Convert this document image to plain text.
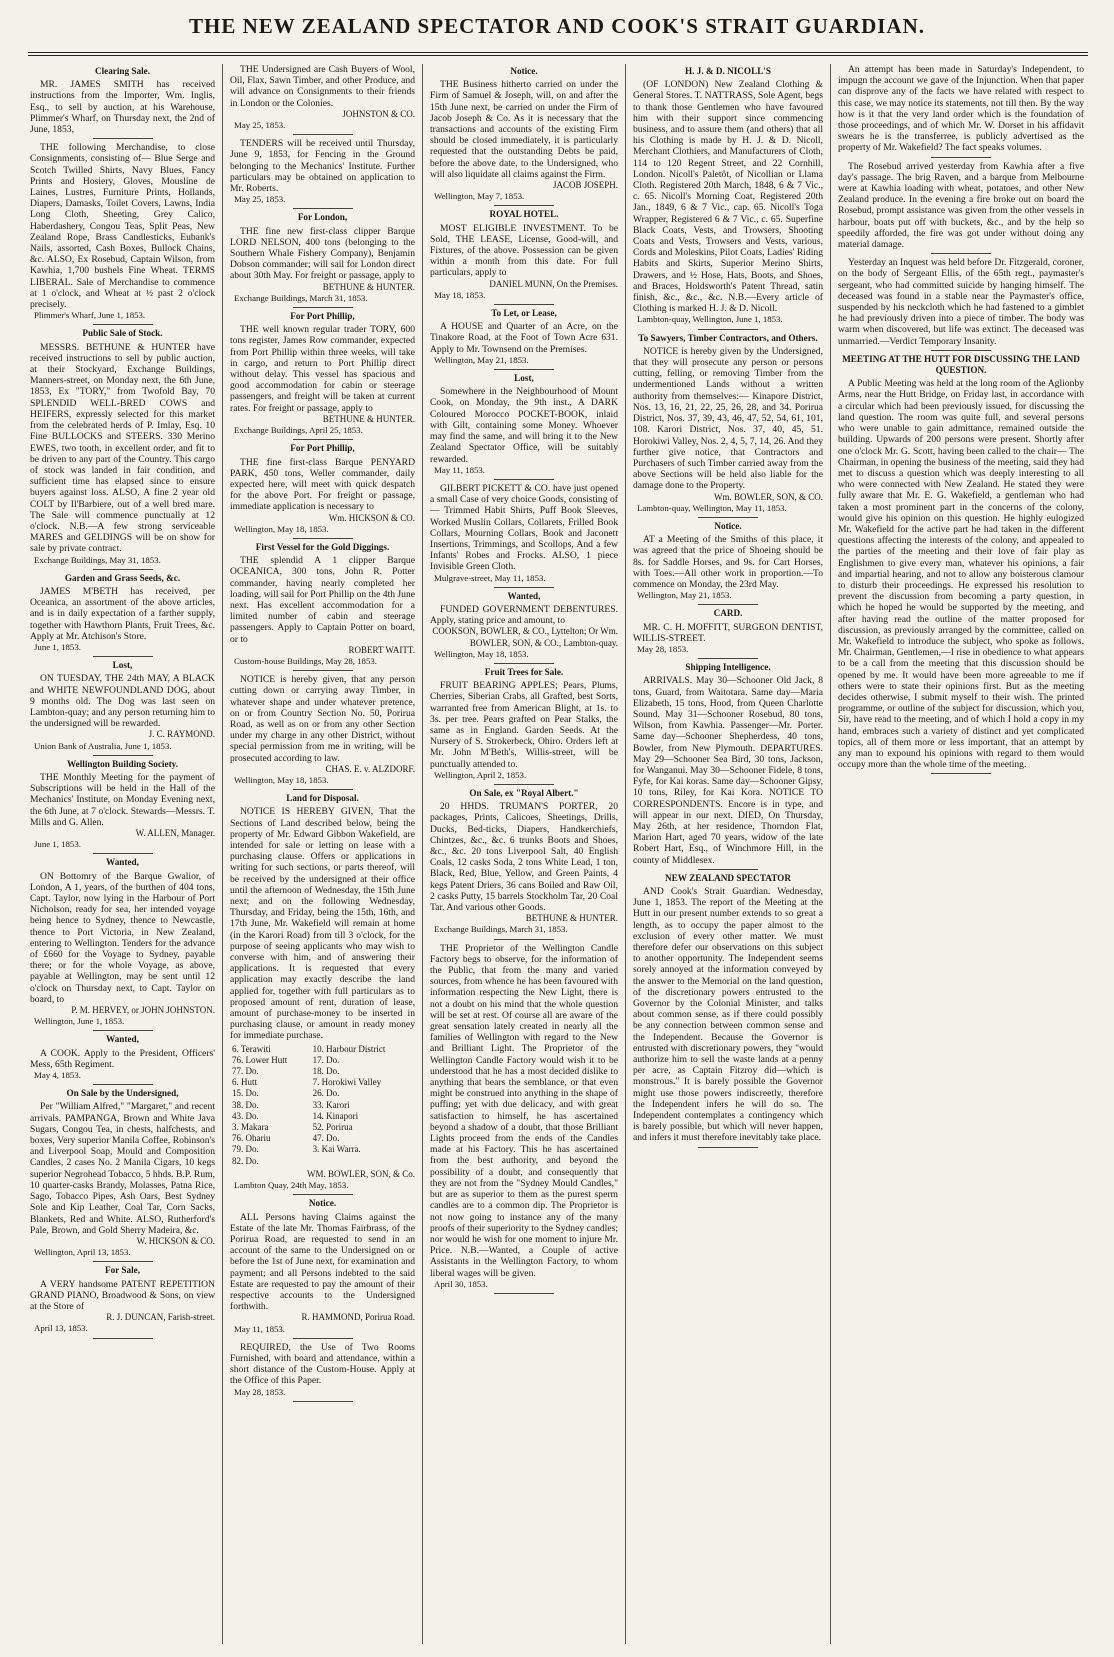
THE NEW ZEALAND SPECTATOR AND COOK'S STRAIT GUARDIAN.
Clearing Sale.

MR. JAMES SMITH has received instructions from the Importer, Wm. Inglis, Esq., to sell by auction, at his Warehouse, Plimmer's Wharf, on Thursday next, the 2nd of June, 1853,

THE following Merchandise, to close Consignments, consisting of— Blue Serge and Scotch Twilled Shirts, Navy Blues, Fancy Prints and Hosiery, Gloves, Mousline de Laines, Lustres, Furniture Prints, Hollands, Diapers, Damasks, Toilet Covers, Lawns, India Long Cloth, Sheeting, Grey Calico, Haberdashery, Congou Teas, Split Peas, New Zealand Rope, Brass Candlesticks, Eubank's Nails, assorted, Cash Boxes, Bullock Chains, &c. ALSO, Ex Rosebud, Captain Wilson, from Kawhia, 1,700 bushels Fine Wheat. TERMS LIBERAL. Sale of Merchandise to commence at 1 o'clock, and Wheat at ½ past 2 o'clock precisely.

Plimmer's Wharf, June 1, 1853.
Public Sale of Stock.

MESSRS. BETHUNE & HUNTER have received instructions to sell by public auction, at their Stockyard, Exchange Buildings, Manners-street, on Monday next, the 6th June, 1853, Ex "TORY," from Twofold Bay, 70 SPLENDID WELL-BRED COWS and HEIFERS, expressly selected for this market from the celebrated herds of P. Imlay, Esq. 10 Fine BULLOCKS and STEERS. 330 Merino EWES, two tooth, in excellent order, and fit to be driven to any part of the Country. This cargo of stock was landed in fair condition, and sufficient time has elapsed since to ensure buyers against loss. ALSO, A fine 2 year old COLT by Il'Barbiere, out of a well bred mare. The Sale will commence punctually at 12 o'clock. N.B.—A few strong serviceable MARES and GELDINGS will be on show for sale by private contract.

Exchange Buildings, May 31, 1853.
Garden and Grass Seeds, &c.

JAMES M'BETH has received, per Oceanica, an assortment of the above articles, and is in daily expectation of a farther supply, together with Hawthorn Plants, Fruit Trees, &c. Apply at Mr. Atchison's Store.

June 1, 1853.
Lost,

ON TUESDAY, THE 24th MAY, A BLACK and WHITE NEWFOUNDLAND DOG, about 9 months old. The Dog was last seen on Lambton-quay; and any person returning him to the undersigned will be rewarded.

J. C. RAYMOND.
Union Bank of Australia, June 1, 1853.
Wellington Building Society.

THE Monthly Meeting for the payment of Subscriptions will be held in the Hall of the Mechanics' Institute, on Monday Evening next, the 6th June, at 7 o'clock. Stewards—Messrs. T. Mills and G. Allen.

W. ALLEN, Manager.
June 1, 1853.
Wanted,

ON Bottomry of the Barque Gwalior, of London, A 1, years, of the burthen of 404 tons, Capt. Taylor, now lying in the Harbour of Port Nicholson, ready for sea, her intended voyage being hence to Sydney, thence to Newcastle, thence to Port Victoria, in New Zealand, entering to Wellington. Tenders for the advance of £660 for the Voyage to Sydney, payable there; or for the whole Voyage, as above, payable at Wellington, may be sent until 12 o'clock on Thursday next, to Capt. Taylor on board, to

P. M. HERVEY, or JOHN JOHNSTON.
Wellington, June 1, 1853.
Wanted,

A COOK. Apply to the President, Officers' Mess, 65th Regiment.

May 4, 1853.
On Sale by the Undersigned,

Per "William Alfred," "Margaret," and recent arrivals. PAMPANGA, Brown and White Java Sugars, Congou Tea, in chests, halfchests, and boxes, Very superior Manila Coffee, Robinson's and Liverpool Soap, Mould and Composition Candles, 2 cases No. 2 Manila Cigars, 10 kegs superior Negrohead Tobacco, 5 hhds. B.P. Rum, 10 quarter-casks Brandy, Molasses, Patna Rice, Sago, Tobacco Pipes, Ash Oars, Best Sydney Sole and Kip Leather, Coal Tar, Corn Sacks, Blankets, Red and White. ALSO, Rutherford's Pale, Brown, and Gold Sherry Madeira, &c.

W. HICKSON & CO.
Wellington, April 13, 1853.
For Sale,

A VERY handsome PATENT REPETITION GRAND PIANO, Broadwood & Sons, on view at the Store of

R. J. DUNCAN, Farish-street.
April 13, 1853.

THE Undersigned are Cash Buyers of Wool, Oil, Flax, Sawn Timber, and other Produce, and will advance on Consignments to their friends in London or the Colonies.

JOHNSTON & CO.
May 25, 1853.

TENDERS will be received until Thursday, June 9, 1853, for Fencing in the Ground belonging to the Mechanics' Institute. Further particulars may be obtained on application to Mr. Roberts.

May 25, 1853.
For London,

THE fine new first-class clipper Barque LORD NELSON, 400 tons (belonging to the Southern Whale Fishery Company), Benjamin Dobson commander; will sail for London direct about 30th May. For freight or passage, apply to

BETHUNE & HUNTER.
Exchange Buildings, March 31, 1853.
For Port Phillip,

THE well known regular trader TORY, 600 tons register, James Row commander, expected from Port Phillip within three weeks, will take in cargo, and return to Port Phillip direct without delay. This vessel has spacious and good accommodation for cabin or steerage passengers, and freight will be taken at current rates. For freight or passage, apply to

BETHUNE & HUNTER.
Exchange Buildings, April 25, 1853.
For Port Phillip,

THE fine first-class Barque PENYARD PARK, 450 tons, Weller commander, daily expected here, will meet with quick despatch for the above Port. For freight or passage, immediate application is necessary to

Wm. HICKSON & CO.
Wellington, May 18, 1853.
First Vessel for the Gold Diggings.

THE splendid A 1 clipper Barque OCEANICA, 300 tons, John R. Potter commander, having nearly completed her loading, will sail for Port Phillip on the 4th June next. Has excellent accommodation for a limited number of cabin and steerage passengers. Apply to Captain Potter on board, or to

ROBERT WAITT.
Custom-house Buildings, May 28, 1853.

NOTICE is hereby given, that any person cutting down or carrying away Timber, in whatever shape and under whatever pretence, on or from Country Section No. 50, Porirua Road, as well as on or from any other Section under my charge in any other District, without special permission from me in writing, will be prosecuted according to law.

CHAS. E. v. ALZDORF.
Wellington, May 18, 1853.
Land for Disposal.

NOTICE IS HEREBY GIVEN, That the Sections of Land described below, being the property of Mr. Edward Gibbon Wakefield, are intended for sale or letting on lease with a purchasing clause. Offers or applications in writing for such sections, or parts thereof, will be received by the undersigned at their office until the afternoon of Wednesday, the 15th June next; and on the following Wednesday, Thursday, and Friday, being the 15th, 16th, and 17th June, Mr. Wakefield will remain at home (in the Karori Road) from till 3 o'clock, for the purpose of seeing applicants who may wish to converse with him, and of answering their applications. It is requested that every application may exactly describe the land applied for, together with full particulars as to proposed amount of rent, duration of lease, amount of purchase-money to be inserted in purchasing clause, or amount in ready money for immediate purchase.

6. Terawiti	10. Harbour District
76. Lower Hutt	17. Do.
77. Do.	18. Do.
6. Hutt	7. Horokiwi Valley
15. Do.	26. Do.
38. Do.	33. Karori
43. Do.	14. Kinapori
3. Makara	52. Porirua
76. Ohariu	47. Do.
79. Do.	3. Kai Warra.
82. Do.	
WM. BOWLER, SON, & Co.
Lambton Quay, 24th May, 1853.
Notice.

ALL Persons having Claims against the Estate of the late Mr. Thomas Fairbrass, of the Porirua Road, are requested to send in an account of the same to the Undersigned on or before the 1st of June next, for examination and payment; and all Persons indebted to the said Estate are requested to pay the amount of their respective accounts to the Undersigned forthwith.

R. HAMMOND, Porirua Road.
May 11, 1853.

REQUIRED, the Use of Two Rooms Furnished, with board and attendance, within a short distance of the Custom-House. Apply at the Office of this Paper.

May 28, 1853.
Notice.

THE Business hitherto carried on under the Firm of Samuel & Joseph, will, on and after the 15th June next, be carried on under the Firm of Jacob Joseph & Co. As it is necessary that the transactions and accounts of the existing Firm should be closed immediately, it is particularly requested that the outstanding Debts be paid, before the above date, to the Undersigned, who will also liquidate all claims against the Firm.

JACOB JOSEPH.
Wellington, May 7, 1853.
ROYAL HOTEL.

MOST ELIGIBLE INVESTMENT. To be Sold, THE LEASE, License, Good-will, and Fixtures, of the above. Possession can be given within a month from this date. For full particulars, apply to

DANIEL MUNN, On the Premises.
May 18, 1853.
To Let, or Lease,

A HOUSE and Quarter of an Acre, on the Tinakore Road, at the Foot of Town Acre 631. Apply to Mr. Townsend on the Premises.

Wellington, May 21, 1853.
Lost,

Somewhere in the Neighbourhood of Mount Cook, on Monday, the 9th inst., A DARK Coloured Morocco POCKET-BOOK, inlaid with Gilt, containing some Money. Whoever may find the same, and will bring it to the New Zealand Spectator Office, will be suitably rewarded.

May 11, 1853.

GILBERT PICKETT & CO. have just opened a small Case of very choice Goods, consisting of— Trimmed Habit Shirts, Puff Book Sleeves, Worked Muslin Collars, Collarets, Frilled Book Collars, Mourning Collars, Book and Jaconett Insertions, Trimmings, and Scollops, And a few Infants' Robes and Frocks. ALSO, 1 piece Invisible Green Cloth.

Mulgrave-street, May 11, 1853.
Wanted,

FUNDED GOVERNMENT DEBENTURES. Apply, stating price and amount, to

COOKSON, BOWLER, & CO., Lyttelton; Or Wm. BOWLER, SON, & CO., Lambton-quay.
Wellington, May 18, 1853.
Fruit Trees for Sale.

FRUIT BEARING APPLES; Pears, Plums, Cherries, Siberian Crabs, all Grafted, best Sorts, warranted free from American Blight, at 1s. to 3s. per tree. Pears grafted on Pear Stalks, the same as in England. Garden Seeds. At the Nursery of S. Strokerbeck, Ohiro. Orders left at Mr. John M'Beth's, Willis-street, will be punctually attended to.

Wellington, April 2, 1853.
On Sale, ex "Royal Albert."

20 HHDS. TRUMAN'S PORTER, 20 packages, Prints, Calicoes, Sheetings, Drills, Ducks, Bed-ticks, Diapers, Handkerchiefs, Chintzes, &c., &c. 6 trunks Boots and Shoes, &c., &c. 20 tons Liverpool Salt, 40 English Coals, 12 casks Soda, 2 tons White Lead, 1 ton, Black, Red, Blue, Yellow, and Green Paints, 4 kegs Patent Driers, 36 cans Boiled and Raw Oil, 2 casks Putty, 15 barrels Stockholm Tar, 20 Coal Tar. And various other Goods.

BETHUNE & HUNTER.
Exchange Buildings, March 31, 1853.

THE Proprietor of the Wellington Candle Factory begs to observe, for the information of the Public, that from the many and varied sources, from whence he has been favoured with information respecting the New Light, there is not a doubt on his mind that the whole question will be set at rest. Of course all are aware of the great sensation lately created in nearly all the families of Wellington with regard to the New and Brilliant Light. The Proprietor of the Wellington Candle Factory would wish it to be understood that he has a most decided dislike to anything that bears the semblance, or that even might be construed into anything in the shape of puffing; yet with due delicacy, and with great satisfaction to himself, he has ascertained beyond a shadow of a doubt, that those Brilliant Lights proceed from the ends of the Candles made at his Factory. This he has ascertained from the best authority, and beyond the possibility of a doubt, and consequently that they are not from the "Sydney Mould Candles," but are as superior to them as the purest sperm candles are to a common dip. The Proprietor is not now going to instance any of the many proofs of their superiority to the Sydney candles; nor would he wish for one moment to injure Mr. Price. N.B.—Wanted, a Couple of active Assistants in the Wellington Factory, to whom liberal wages will be given.

April 30, 1853.
H. J. & D. NICOLL'S

(OF LONDON) New Zealand Clothing & General Stores. T. NATTRASS, Sole Agent, begs to thank those Gentlemen who have favoured him with their support since commencing business, and to assure them (and others) that all his Clothing is made by H. J. & D. Nicoll, Merchant Clothiers, and Manufacturers of Cloth, 114 to 120 Regent Street, and 22 Cornhill, London. Nicoll's Paletôt, of Nicollian or Llama Cloth. Registered 20th March, 1848, 6 & 7 Vic., c. 65. Nicoll's Morning Coat, Registered 20th Jan., 1849, 6 & 7 Vic., cap. 65. Nicoll's Toga Wrapper, Registered 6 & 7 Vic., c. 65. Superfine Black Coats, Vests, and Trowsers, Shooting Coats and Vests, Trowsers and Vests, various, Cords and Moleskins, Pilot Coats, Ladies' Riding Habits and Skirts, Superior Merino Shirts, Drawers, and ½ Hose, Hats, Boots, and Shoes, and Braces, Holdsworth's Patent Thread, satin finish, &c., &c., &c. N.B.—Every article of Clothing is marked H. J. & D. Nicoll.

Lambton-quay, Wellington, June 1, 1853.
To Sawyers, Timber Contractors, and Others.

NOTICE is hereby given by the Undersigned, that they will prosecute any person or persons cutting, felling, or removing Timber from the undermentioned Lands without a written authority from themselves:— Kinapore District, Nos. 13, 16, 21, 22, 25, 26, 28, and 34. Porirua District, Nos. 37, 39, 43, 46, 47, 52, 54, 61, 101, 108. Karori District, Nos. 37, 40, 45, 51. Horokiwi Valley, Nos. 2, 4, 5, 7, 14, 26. And they further give notice, that Contractors and Purchasers of such Timber carried away from the above Sections will be held also liable for the damage done to the Property.

Wm. BOWLER, SON, & CO.
Lambton-quay, Wellington, May 11, 1853.
Notice.

AT a Meeting of the Smiths of this place, it was agreed that the price of Shoeing should be 8s. for Saddle Horses, and 9s. for Cart Horses, with Toes.—All other work in proportion.—To commence on Monday, the 23rd May.

Wellington, May 21, 1853.
CARD.

MR. C. H. MOFFITT, SURGEON DENTIST, WILLIS-STREET.

May 28, 1853.
Shipping Intelligence.

ARRIVALS. May 30—Schooner Old Jack, 8 tons, Guard, from Waitotara. Same day—Maria Elizabeth, 15 tons, Hood, from Queen Charlotte Sound. May 31—Schooner Rosebud, 80 tons, Wilson, from Kawhia. Passenger—Mr. Porter. Same day—Schooner Shepherdess, 40 tons, Bowler, from New Plymouth. DEPARTURES. May 29—Schooner Sea Bird, 30 tons, Jackson, for Wanganui. May 30—Schooner Fidele, 8 tons, Fyfe, for Kai koras. Same day—Schooner Gipsy, 10 tons, Riley, for Kai Kora. NOTICE TO CORRESPONDENTS. Encore is in type, and will appear in our next. DIED, On Thursday, May 26th, at her residence, Thorndon Flat, Marion Hart, aged 70 years, widow of the late Robert Hart, Esq., of Winchmore Hill, in the county of Middlesex.

NEW ZEALAND SPECTATOR

AND Cook's Strait Guardian. Wednesday, June 1, 1853. The report of the Meeting at the Hutt in our present number extends to so great a length, as to occupy the paper almost to the exclusion of every other matter. We must therefore defer our observations on this subject to another opportunity. The Independent seems sorely annoyed at the information conveyed by the answer to the Memorial on the land question, of the discretionary powers entrusted to the Governor by the Colonial Minister, and talks about common sense, as if there could possibly be any connection between common sense and the Independent. Because the Governor is entrusted with discretionary powers, they "would authorize him to sell the waste lands at a penny per acre, as Captain Fitzroy did—which is monstrous." It is barely possible the Governor might use those powers indiscreetly, therefore the Independent infers he will do so. The Independent contemplates a contingency which is barely possible, but which will never happen, and infers it must therefore inevitably take place.

An attempt has been made in Saturday's Independent, to impugn the account we gave of the Injunction. When that paper can disprove any of the facts we have related with respect to this case, we may notice its statements, not till then. By the way how is it that the very land order which is the foundation of those proceedings, and of which Mr. W. Dorset in his affidavit swears he is the transferree, is publicly advertised as the property of Mr. Wakefield? The fact speaks volumes.

The Rosebud arrived yesterday from Kawhia after a five day's passage. The brig Raven, and a barque from Melbourne were at Kawhia loading with wheat, potatoes, and other New Zealand produce. In the evening a fire broke out on board the Rosebud, prompt assistance was given from the other vessels in harbour, boats put off with buckets, &c., and by the help so speedily afforded, the fire was got under without doing any material damage.

Yesterday an Inquest was held before Dr. Fitzgerald, coroner, on the body of Sergeant Ellis, of the 65th regt., paymaster's sergeant, who had committed suicide by hanging himself. The deceased was found in a stable near the Paymaster's office, suspended by his neckcloth which he had fastened to a gimblet he had previously driven into a piece of timber. The body was warm when discovered, but life was extinct. The deceased was unmarried.—Verdict Temporary Insanity.

MEETING AT THE HUTT FOR DISCUSSING THE LAND QUESTION.

A Public Meeting was held at the long room of the Aglionby Arms, near the Hutt Bridge, on Friday last, in accordance with a circular which had been previously issued, for discussing the land question. The room was quite full, and several persons who were unable to gain admittance, remained outside the building. Upwards of 200 persons were present. Shortly after one o'clock Mr. G. Scott, having been called to the chair— The Chairman, in opening the business of the meeting, said they had met to discuss a question which was deeply interesting to all who were connected with New Zealand. He stated they were fully aware that Mr. E. G. Wakefield, a gentleman who had taken a most prominent part in the concerns of the colony, would give his opinion on this question. He highly eulogized Mr. Wakefield for the active part he had taken in the different questions affecting the interests of the colony, and appealed to the parties of the meeting and their love of fair play as Englishmen to give every man, whatever his opinions, a fair and impartial hearing, and not to allow any boisterous clamour to disturb their proceedings. He expressed his resolution to prevent the discussion from becoming a party question, in which he hoped he would be supported by the meeting, and after having read the outline of the matter proposed for discussion, as previously arranged by the committee, called on Mr. Wakefield to introduce the subject, who spoke as follows. Mr. Chairman, Gentlemen,—I rise in obedience to what appears to be a call from the meeting that this discussion should be opened by me. It would have been more agreeable to me if others were to state their opinions first. But as the meeting decides otherwise, I submit myself to their wish. The printed programme, or outline of the subject for discussion, which you, Sir, have read to the meeting, and of which I hold a copy in my hand, embraces such a variety of distinct and yet complicated topics, all of them more or less important, that an attempt by any man to expound his opinions with regard to them would occupy more than the whole time of the meeting.
